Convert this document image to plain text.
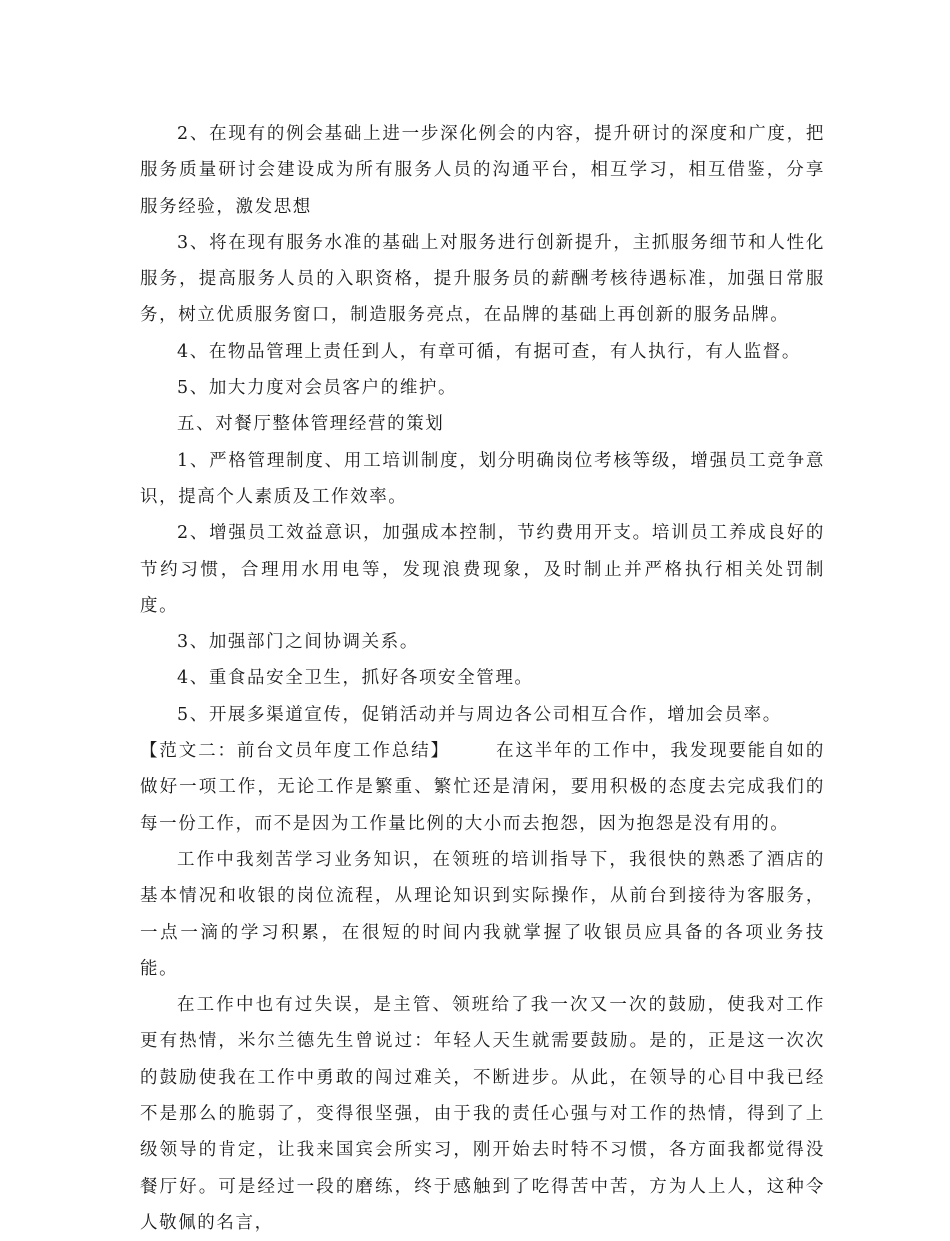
2、在现有的例会基础上进一步深化例会的内容，提升研讨的深度和广度，把服务质量研讨会建设成为所有服务人员的沟通平台，相互学习，相互借鉴，分享服务经验，激发思想

3、将在现有服务水准的基础上对服务进行创新提升，主抓服务细节和人性化服务，提高服务人员的入职资格，提升服务员的薪酬考核待遇标准，加强日常服务，树立优质服务窗口，制造服务亮点，在品牌的基础上再创新的服务品牌。

4、在物品管理上责任到人，有章可循，有据可查，有人执行，有人监督。

5、加大力度对会员客户的维护。

五、对餐厅整体管理经营的策划

1、严格管理制度、用工培训制度，划分明确岗位考核等级，增强员工竞争意识，提高个人素质及工作效率。

2、增强员工效益意识，加强成本控制，节约费用开支。培训员工养成良好的节约习惯，合理用水用电等，发现浪费现象，及时制止并严格执行相关处罚制度。

3、加强部门之间协调关系。

4、重食品安全卫生，抓好各项安全管理。

5、开展多渠道宣传，促销活动并与周边各公司相互合作，增加会员率。

【范文二：前台文员年度工作总结】	在这半年的工作中，我发现要能自如的做好一项工作，无论工作是繁重、繁忙还是清闲，要用积极的态度去完成我们的每一份工作，而不是因为工作量比例的大小而去抱怨，因为抱怨是没有用的。

工作中我刻苦学习业务知识，在领班的培训指导下，我很快的熟悉了酒店的基本情况和收银的岗位流程，从理论知识到实际操作，从前台到接待为客服务，一点一滴的学习积累，在很短的时间内我就掌握了收银员应具备的各项业务技能。

在工作中也有过失误，是主管、领班给了我一次又一次的鼓励，使我对工作更有热情，米尔兰德先生曾说过：年轻人天生就需要鼓励。是的，正是这一次次的鼓励使我在工作中勇敢的闯过难关，不断进步。从此，在领导的心目中我已经不是那么的脆弱了，变得很坚强，由于我的责任心强与对工作的热情，得到了上级领导的肯定，让我来国宾会所实习，刚开始去时特不习惯，各方面我都觉得没餐厅好。可是经过一段的磨练，终于感触到了吃得苦中苦，方为人上人，这种令人敬佩的名言，
